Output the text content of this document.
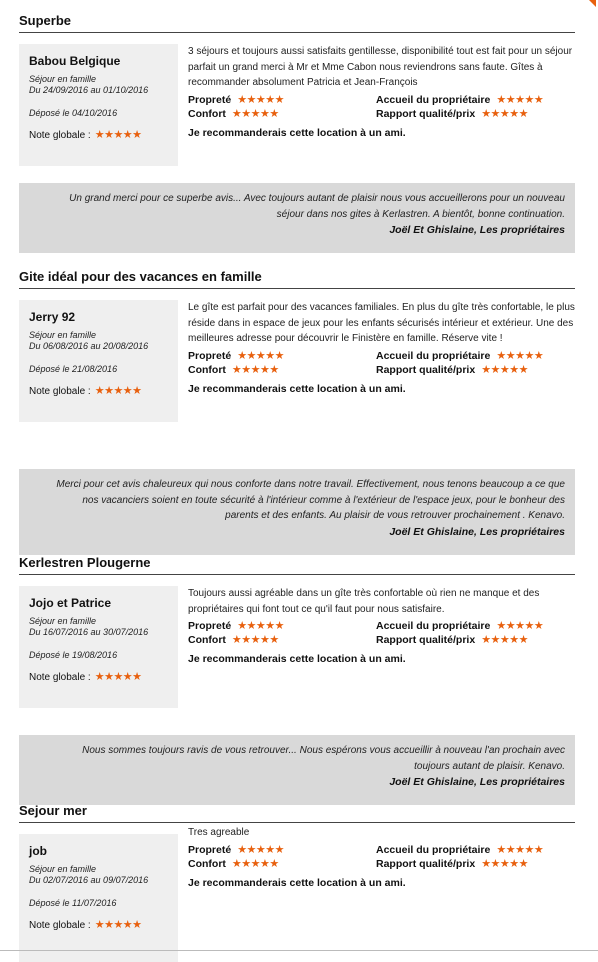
Superbe
Babou Belgique
Séjour en famille
Du 24/09/2016 au 01/10/2016
Déposé le 04/10/2016
Note globale : ★★★★★

3 séjours et toujours aussi satisfaits gentillesse, disponibilité tout est fait pour un séjour parfait un grand merci à Mr et Mme Cabon nous reviendrons sans faute. Gîtes à recommander absolument Patricia et Jean-François

Propreté ★★★★★	Accueil du propriétaire ★★★★★
Confort ★★★★★	Rapport qualité/prix ★★★★★
Je recommanderais cette location à un ami.

Un grand merci pour ce superbe avis... Avec toujours autant de plaisir nous vous accueillerons pour un nouveau séjour dans nos gites à Kerlastren. A bientôt, bonne continuation.

Joël Et Ghislaine, Les propriétaires
Gite idéal pour des vacances en famille
Jerry 92
Séjour en famille
Du 06/08/2016 au 20/08/2016
Déposé le 21/08/2016
Note globale : ★★★★★

Le gîte est parfait pour des vacances familiales. En plus du gîte très confortable, le plus réside dans in espace de jeux pour les enfants sécurisés intérieur et extérieur. Une des meilleures adresse pour découvrir le Finistère en famille. Réserve vite !

Propreté ★★★★★	Accueil du propriétaire ★★★★★
Confort ★★★★★	Rapport qualité/prix ★★★★★
Je recommanderais cette location à un ami.

Merci pour cet avis chaleureux qui nous conforte dans notre travail. Effectivement, nous tenons beaucoup a ce que nos vacanciers soient en toute sécurité à l'intérieur comme à l'extérieur de l'espace jeux, pour le bonheur des parents et des enfants. Au plaisir de vous retrouver prochainement . Kenavo.

Joël Et Ghislaine, Les propriétaires
Kerlestren Plougerne
Jojo et Patrice
Séjour en famille
Du 16/07/2016 au 30/07/2016
Déposé le 19/08/2016
Note globale : ★★★★★

Toujours aussi agréable dans un gîte très confortable où rien ne manque et des propriétaires qui font tout ce qu'il faut pour nous satisfaire.

Propreté ★★★★★	Accueil du propriétaire ★★★★★
Confort ★★★★★	Rapport qualité/prix ★★★★★
Je recommanderais cette location à un ami.

Nous sommes toujours ravis de vous retrouver... Nous espérons vous accueillir à nouveau l'an prochain avec toujours autant de plaisir. Kenavo.

Joël Et Ghislaine, Les propriétaires
Sejour mer
job
Séjour en famille
Du 02/07/2016 au 09/07/2016
Déposé le 11/07/2016
Note globale : ★★★★★

Tres agreable

Propreté ★★★★★	Accueil du propriétaire ★★★★★
Confort ★★★★★	Rapport qualité/prix ★★★★★
Je recommanderais cette location à un ami.
